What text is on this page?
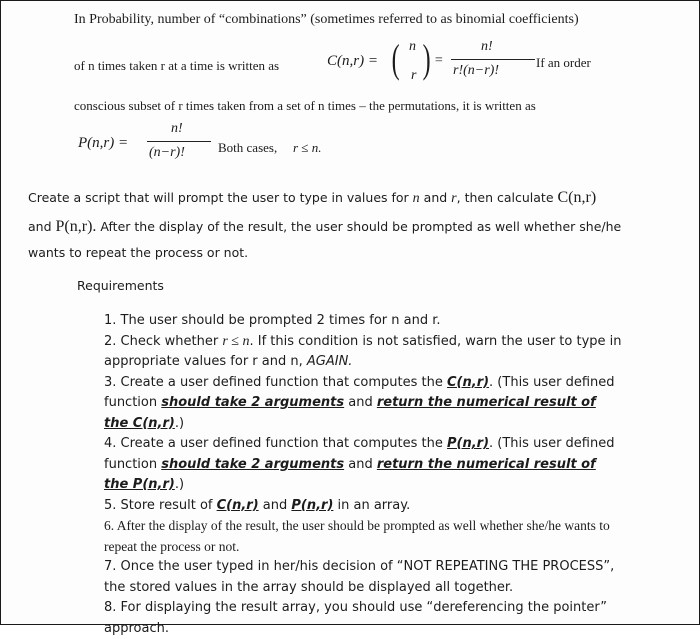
In Probability, number of “combinations” (sometimes referred to as binomial coefficients)
of n times taken r at a time is written as	C(n,r) = ( n
r ) =
n!
r!(n−r)!
If an order
conscious subset of r times taken from a set of n times – the permutations, it is written as
P(n,r) =
n!
(n−r)!	Both cases, r ≤ n.
Create a script that will prompt the user to type in values for n and r, then calculate C(n,r)
and P(n,r). After the display of the result, the user should be prompted as well whether she/he
wants to repeat the process or not.
Requirements
1. The user should be prompted 2 times for n and r.
2. Check whether r ≤ n. If this condition is not satisfied, warn the user to type in appropriate values for r and n, AGAIN.
3. Create a user defined function that computes the C(n,r). (This user defined function should take 2 arguments and return the numerical result of the C(n,r).)
4. Create a user defined function that computes the P(n,r). (This user defined function should take 2 arguments and return the numerical result of the P(n,r).)
5. Store result of C(n,r) and P(n,r) in an array.
6. After the display of the result, the user should be prompted as well whether she/he wants to repeat the process or not.
7. Once the user typed in her/his decision of “NOT REPEATING THE PROCESS”, the stored values in the array should be displayed all together.
8. For displaying the result array, you should use “dereferencing the pointer” approach.
